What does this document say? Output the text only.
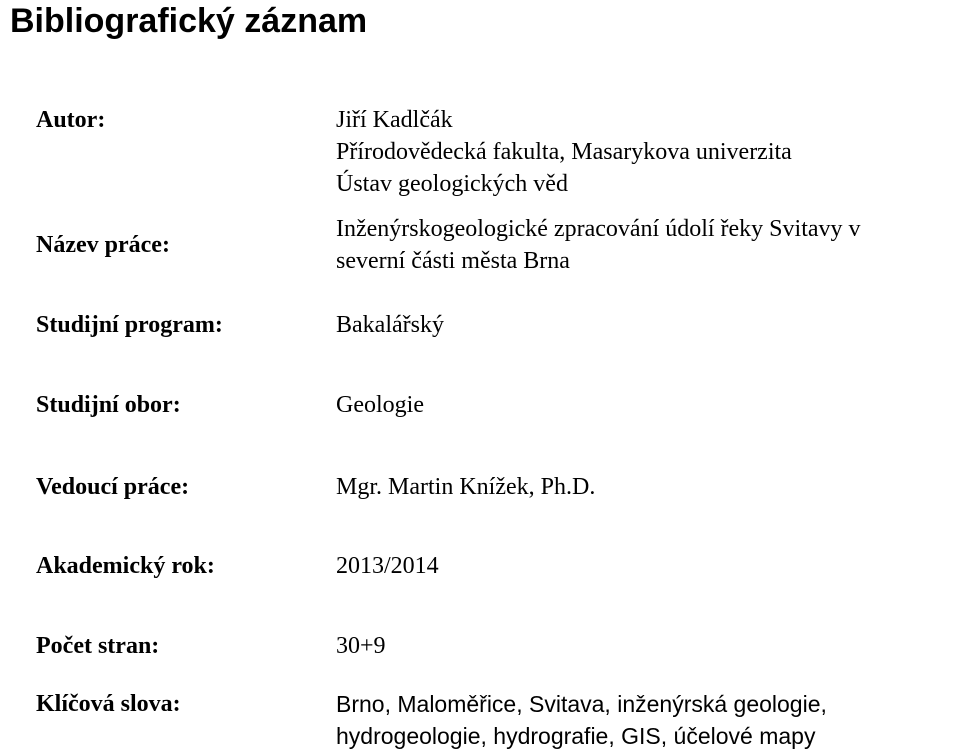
Bibliografický záznam
Autor:	Jiří Kadlčák
Přírodovědecká fakulta, Masarykova univerzita
Ústav geologických věd
Název práce:
Inženýrskogeologické zpracování údolí řeky Svitavy v
severní části města Brna
Studijní program:	Bakalářský
Studijní obor:	Geologie
Vedoucí práce:	Mgr. Martin Knížek, Ph.D.
Akademický rok:	2013/2014
Počet stran:	30+9
Klíčová slova:	Brno, Maloměřice, Svitava, inženýrská geologie,
hydrogeologie, hydrografie, GIS, účelové mapy
